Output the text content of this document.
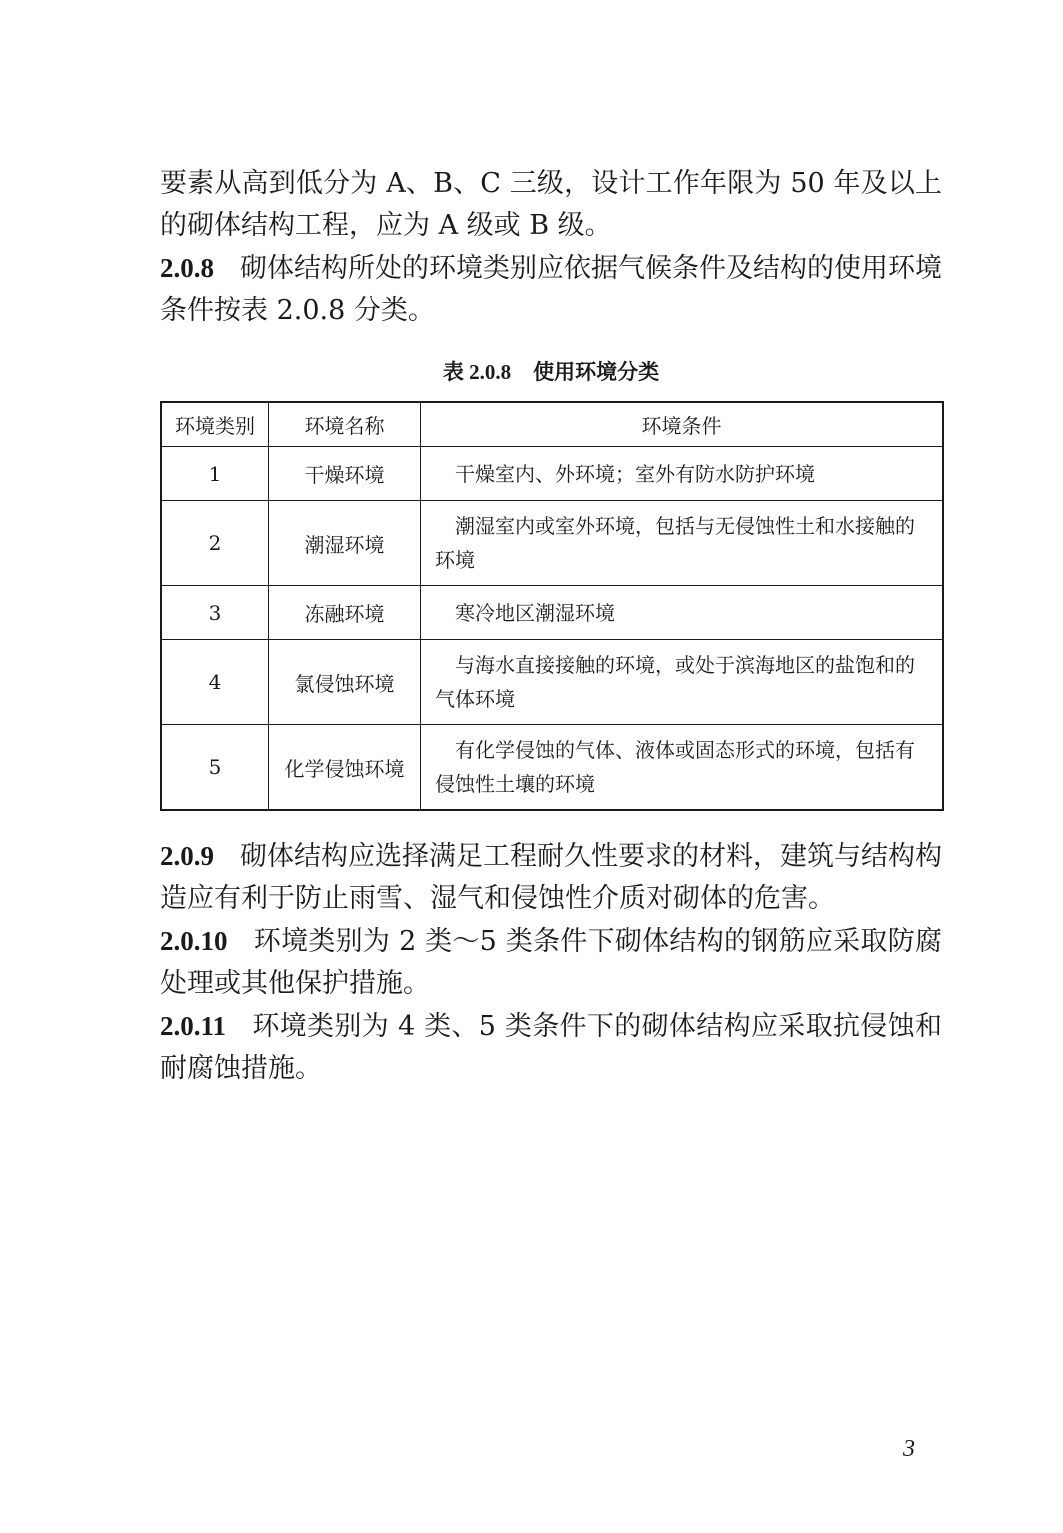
要素从高到低分为 A、B、C 三级，设计工作年限为 50 年及以上的砌体结构工程，应为 A 级或 B 级。

2.0.8 砌体结构所处的环境类别应依据气候条件及结构的使用环境条件按表 2.0.8 分类。

表 2.0.8 使用环境分类
环境类别	环境名称	环境条件
1	干燥环境	干燥室内、外环境；室外有防水防护环境
2	潮湿环境	潮湿室内或室外环境，包括与无侵蚀性土和水接触的环境
3	冻融环境	寒冷地区潮湿环境
4	氯侵蚀环境	与海水直接接触的环境，或处于滨海地区的盐饱和的气体环境
5	化学侵蚀环境	有化学侵蚀的气体、液体或固态形式的环境，包括有侵蚀性土壤的环境

2.0.9 砌体结构应选择满足工程耐久性要求的材料，建筑与结构构造应有利于防止雨雪、湿气和侵蚀性介质对砌体的危害。

2.0.10 环境类别为 2 类～5 类条件下砌体结构的钢筋应采取防腐处理或其他保护措施。

2.0.11 环境类别为 4 类、5 类条件下的砌体结构应采取抗侵蚀和耐腐蚀措施。

3
